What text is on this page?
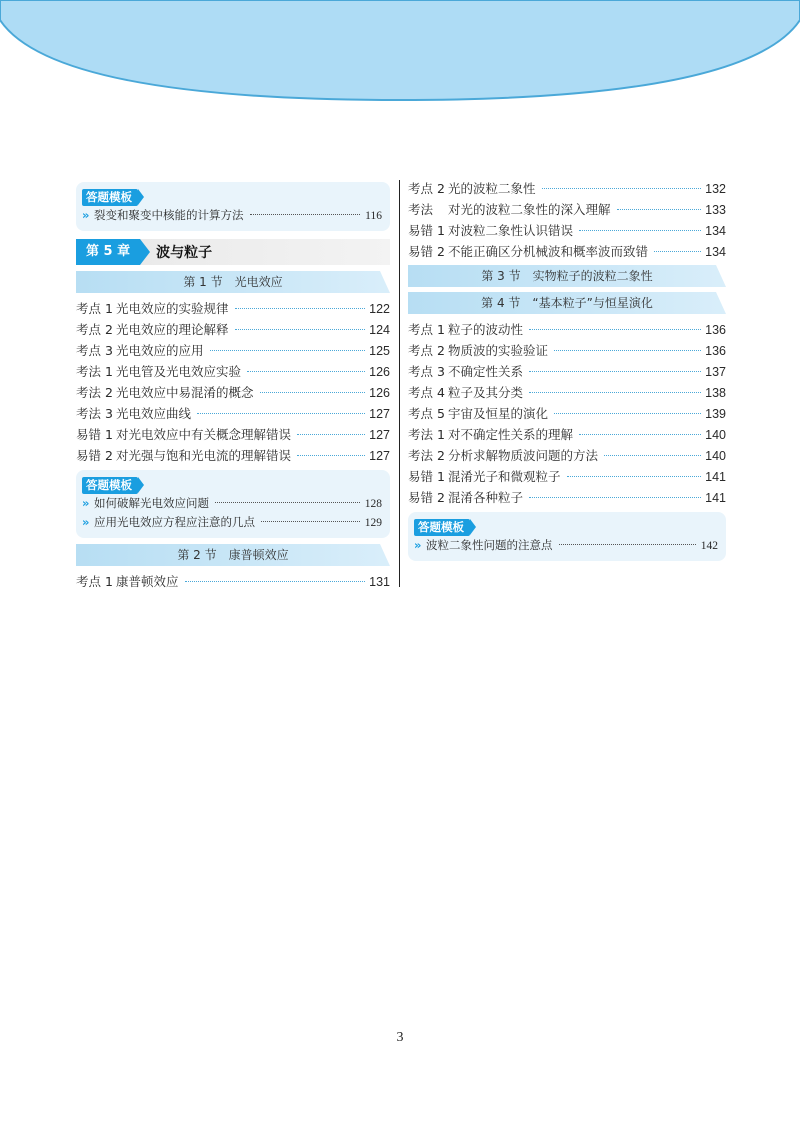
答题模板
» 裂变和聚变中核能的计算方法	116
第 5 章	波与粒子
第 1 节　光电效应
考点 1 光电效应的实验规律	122
考点 2 光电效应的理论解释	124
考点 3 光电效应的应用	125
考法 1 光电管及光电效应实验	126
考法 2 光电效应中易混淆的概念	126
考法 3 光电效应曲线	127
易错 1 对光电效应中有关概念理解错误	127
易错 2 对光强与饱和光电流的理解错误	127
答题模板
» 如何破解光电效应问题	128
» 应用光电效应方程应注意的几点	129
第 2 节　康普顿效应
考点 1 康普顿效应	131
考点 2 光的波粒二象性	132
考法	对光的波粒二象性的深入理解	133
易错 1 对波粒二象性认识错误	134
易错 2 不能正确区分机械波和概率波而致错	134
第 3 节　实物粒子的波粒二象性
第 4 节　“基本粒子”与恒星演化
考点 1 粒子的波动性	136
考点 2 物质波的实验验证	136
考点 3 不确定性关系	137
考点 4 粒子及其分类	138
考点 5 宇宙及恒星的演化	139
考法 1 对不确定性关系的理解	140
考法 2 分析求解物质波问题的方法	140
易错 1 混淆光子和微观粒子	141
易错 2 混淆各种粒子	141
答题模板
» 波粒二象性问题的注意点	142
3
